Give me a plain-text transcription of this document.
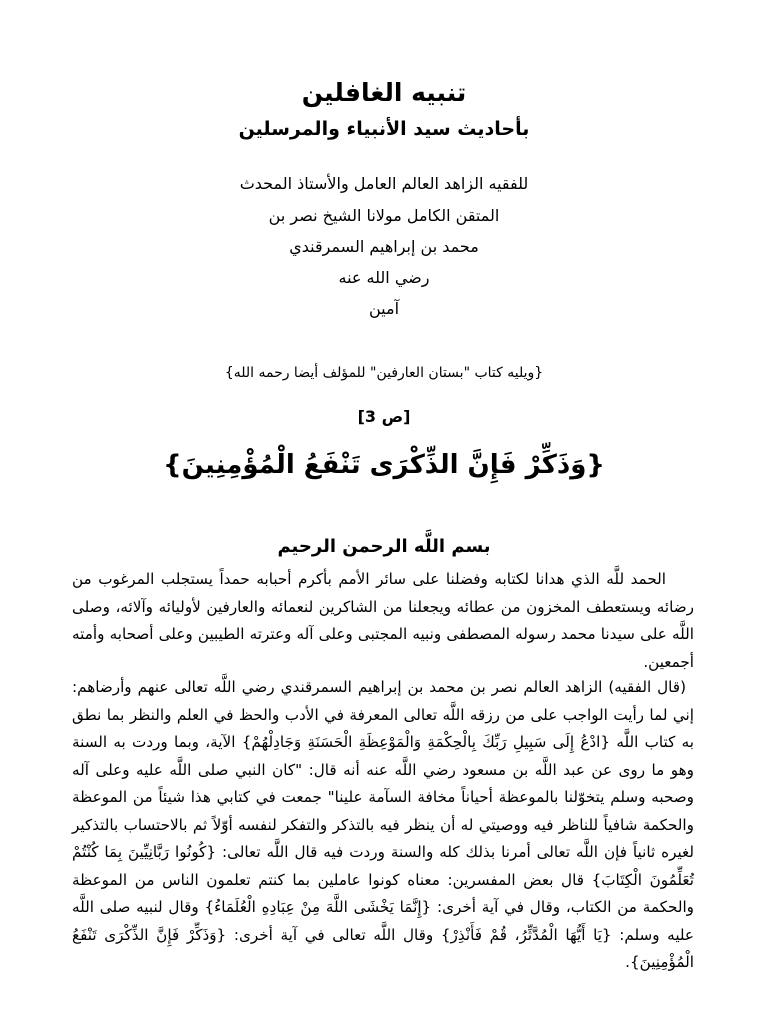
تنبيه الغافلين
بأحاديث سيد الأنبياء والمرسلين
للفقيه الزاهد العالم العامل والأستاذ المحدث
المتقن الكامل مولانا الشيخ نصر بن
محمد بن إبراهيم السمرقندي
رضي الله عنه
آمين
{ويليه كتاب "بستان العارفين" للمؤلف أيضا رحمه الله}
[ص 3]
{وَذَكِّرْ فَإِنَّ الذِّكْرَى تَنْفَعُ الْمُؤْمِنِينَ}
بسم اللَّه الرحمن الرحيم
الحمد للَّه الذي هدانا لكتابه وفضلنا على سائر الأمم بأكرم أحبابه حمداً يستجلب المرغوب من رضائه ويستعطف المخزون من عطائه ويجعلنا من الشاكرين لنعمائه والعارفين لأوليائه وآلائه، وصلى اللَّه على سيدنا محمد رسوله المصطفى ونبيه المجتبى وعلى آله وعترته الطيبين وعلى أصحابه وأمته أجمعين.
(قال الفقيه) الزاهد العالم نصر بن محمد بن إبراهيم السمرقندي رضي اللَّه تعالى عنهم وأرضاهم: إني لما رأيت الواجب على من رزقه اللَّه تعالى المعرفة في الأدب والحظ في العلم والنظر بما نطق به كتاب اللَّه {ادْعُ إِلَى سَبِيلِ رَبِّكَ بِالْحِكْمَةِ وَالْمَوْعِظَةِ الْحَسَنَةِ وَجَادِلْهُمْ} الآية، وبما وردت به السنة وهو ما روى عن عبد اللَّه بن مسعود رضي اللَّه عنه أنه قال: "كان النبي صلى اللَّه عليه وعلى آله وصحبه وسلم يتخوّلنا بالموعظة أحياناً مخافة السآمة علينا" جمعت في كتابي هذا شيئاً من الموعظة والحكمة شافياً للناظر فيه ووصيتي له أن ينظر فيه بالتذكر والتفكر لنفسه أوّلاً ثم بالاحتساب بالتذكير لغيره ثانياً فإن اللَّه تعالى أمرنا بذلك كله والسنة وردت فيه قال اللَّه تعالى: {كُونُوا رَبَّانِيِّينَ بِمَا كُنْتُمْ تُعَلِّمُونَ الْكِتَابَ} قال بعض المفسرين: معناه كونوا عاملين بما كنتم تعلمون الناس من الموعظة والحكمة من الكتاب، وقال في آية أخرى: {إِنَّمَا يَخْشَى اللَّهَ مِنْ عِبَادِهِ الْعُلَمَاءُ} وقال لنبيه صلى اللَّه عليه وسلم: {يَا أَيُّهَا الْمُدَّثِّرُ، قُمْ فَأَنْذِرْ} وقال اللَّه تعالى في آية أخرى: {وَذَكِّرْ فَإِنَّ الذِّكْرَى تَنْفَعُ الْمُؤْمِنِينَ}.
